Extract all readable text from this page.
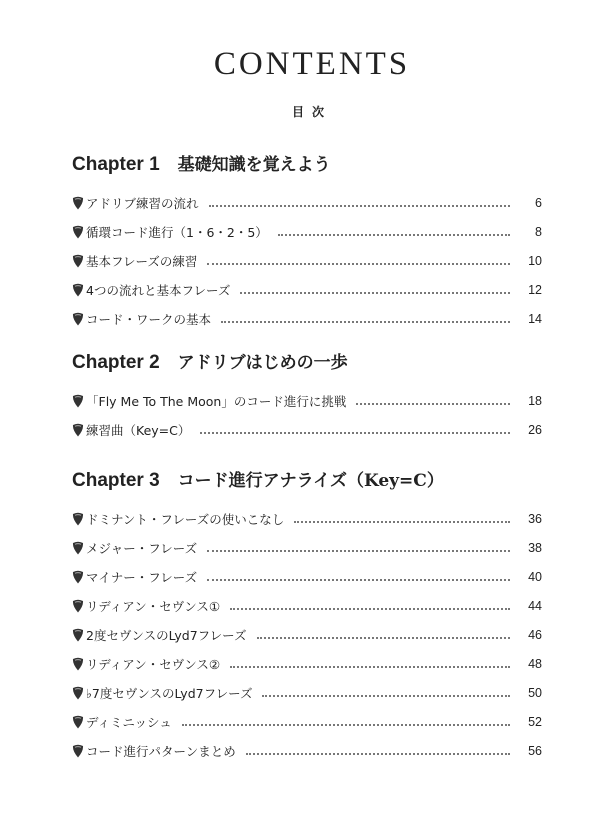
CONTENTS
目次
Chapter 1 基礎知識を覚えよう
アドリブ練習の流れ	6
循環コード進行（1・6・2・5）	8
基本フレーズの練習	10
4つの流れと基本フレーズ	12
コード・ワークの基本	14
Chapter 2 アドリブはじめの一歩
「Fly Me To The Moon」のコード進行に挑戦	18
練習曲（Key=C）	26
Chapter 3 コード進行アナライズ（Key=C）
ドミナント・フレーズの使いこなし	36
メジャー・フレーズ	38
マイナー・フレーズ	40
リディアン・セヴンス①	44
2度セヴンスのLyd7フレーズ	46
リディアン・セヴンス②	48
♭7度セヴンスのLyd7フレーズ	50
ディミニッシュ	52
コード進行パターンまとめ	56
